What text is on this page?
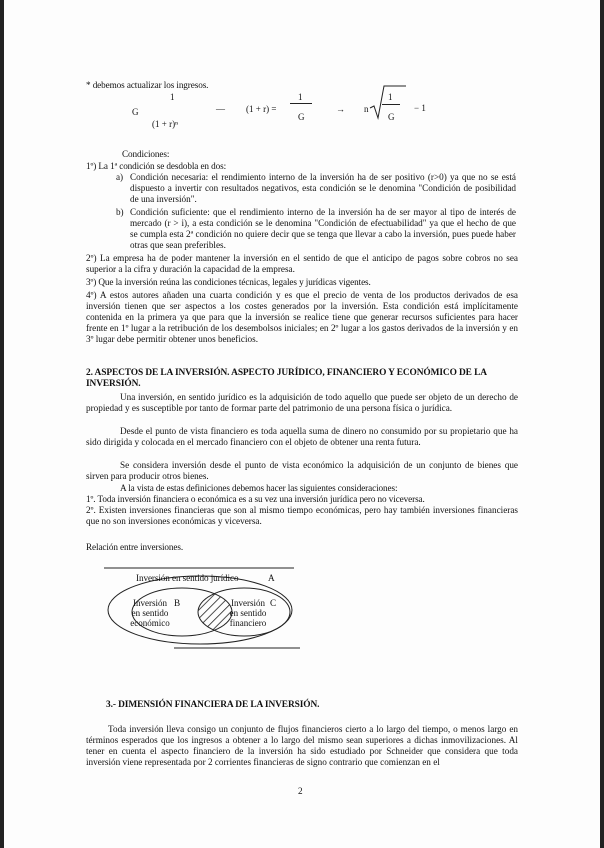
* debemos actualizar los ingresos.
1
G
(1 + r)ⁿ
— (1 + r) =
1
G
→ n
1
G
− 1
Condiciones:
1º) La 1ª condición se desdobla en dos:
a) Condición necesaria: el rendimiento interno de la inversión ha de ser positivo (r>0) ya que no se está dispuesto a invertir con resultados negativos, esta condición se le denomina "Condición de posibilidad de una inversión".
b) Condición suficiente: que el rendimiento interno de la inversión ha de ser mayor al tipo de interés de mercado (r > i), a esta condición se le denomina "Condición de efectuabilidad" ya que el hecho de que se cumpla esta 2ª condición no quiere decir que se tenga que llevar a cabo la inversión, pues puede haber otras que sean preferibles.
2º) La empresa ha de poder mantener la inversión en el sentido de que el anticipo de pagos sobre cobros no sea superior a la cifra y duración la capacidad de la empresa.
3º) Que la inversión reúna las condiciones técnicas, legales y jurídicas vigentes.
4º) A estos autores añaden una cuarta condición y es que el precio de venta de los productos derivados de esa inversión tienen que ser aspectos a los costes generados por la inversión. Esta condición está implícitamente contenida en la primera ya que para que la inversión se realice tiene que generar recursos suficientes para hacer frente en 1º lugar a la retribución de los desembolsos iniciales; en 2º lugar a los gastos derivados de la inversión y en 3º lugar debe permitir obtener unos beneficios.
2. ASPECTOS DE LA INVERSIÓN. ASPECTO JURÍDICO, FINANCIERO Y ECONÓMICO DE LA INVERSIÓN.
Una inversión, en sentido jurídico es la adquisición de todo aquello que puede ser objeto de un derecho de propiedad y es susceptible por tanto de formar parte del patrimonio de una persona física o jurídica.
Desde el punto de vista financiero es toda aquella suma de dinero no consumido por su propietario que ha sido dirigida y colocada en el mercado financiero con el objeto de obtener una renta futura.
Se considera inversión desde el punto de vista económico la adquisición de un conjunto de bienes que sirven para producir otros bienes.
A la vista de estas definiciones debemos hacer las siguientes consideraciones:
1º. Toda inversión financiera o económica es a su vez una inversión jurídica pero no viceversa.
2º. Existen inversiones financieras que son al mismo tiempo económicas, pero hay también inversiones financieras que no son inversiones económicas y viceversa.
Relación entre inversiones.
Inversión en sentido jurídico	A
Inversión
en sentido
económico
B	Inversión
en sentido
financiero
C
3.- DIMENSIÓN FINANCIERA DE LA INVERSIÓN.
Toda inversión lleva consigo un conjunto de flujos financieros cierto a lo largo del tiempo, o menos largo en términos esperados que los ingresos a obtener a lo largo del mismo sean superiores a dichas inmovilizaciones. Al tener en cuenta el aspecto financiero de la inversión ha sido estudiado por Schneider que considera que toda inversión viene representada por 2 corrientes financieras de signo contrario que comienzan en el
2
